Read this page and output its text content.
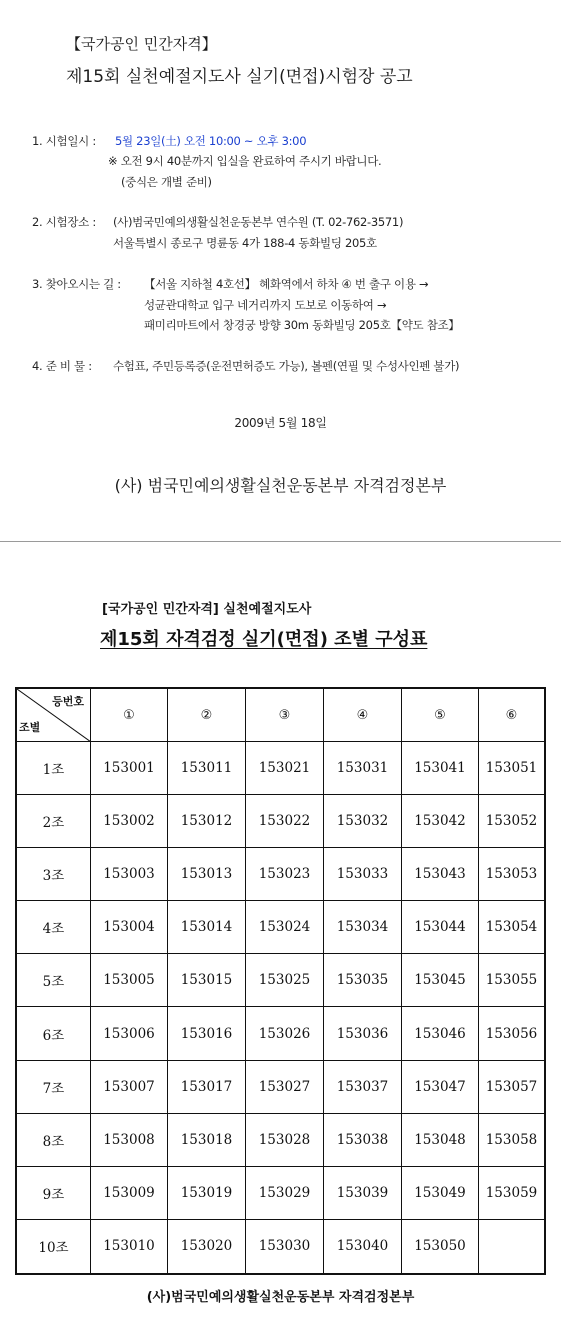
【국가공인 민간자격】
제15회 실천예절지도사 실기(면접)시험장 공고
1. 시험일시 : 5월 23일(土) 오전 10:00 ~ 오후 3:00
※ 오전 9시 40분까지 입실을 완료하여 주시기 바랍니다.
(중식은 개별 준비)
2. 시험장소 : (사)범국민예의생활실천운동본부 연수원 (T. 02-762-3571)
서울특별시 종로구 명륜동 4가 188-4 동화빌딩 205호
3. 찾아오시는 길 : 【서울 지하철 4호선】 혜화역에서 하차 ④ 번 출구 이용 →
성균관대학교 입구 네거리까지 도보로 이동하여 →
패미리마트에서 창경궁 방향 30m 동화빌딩 205호【약도 참조】
4. 준 비 물 : 수험표, 주민등록증(운전면허증도 가능), 볼펜(연필 및 수성사인펜 불가)
2009년 5월 18일
(사) 범국민예의생활실천운동본부 자격검정본부
[국가공인 민간자격] 실천예절지도사
제15회 자격검정 실기(면접) 조별 구성표
등번호
조별
①	②	③	④	⑤	⑥
1조	153001	153011	153021	153031	153041	153051
2조	153002	153012	153022	153032	153042	153052
3조	153003	153013	153023	153033	153043	153053
4조	153004	153014	153024	153034	153044	153054
5조	153005	153015	153025	153035	153045	153055
6조	153006	153016	153026	153036	153046	153056
7조	153007	153017	153027	153037	153047	153057
8조	153008	153018	153028	153038	153048	153058
9조	153009	153019	153029	153039	153049	153059
10조	153010	153020	153030	153040	153050
(사)범국민예의생활실천운동본부 자격검정본부
